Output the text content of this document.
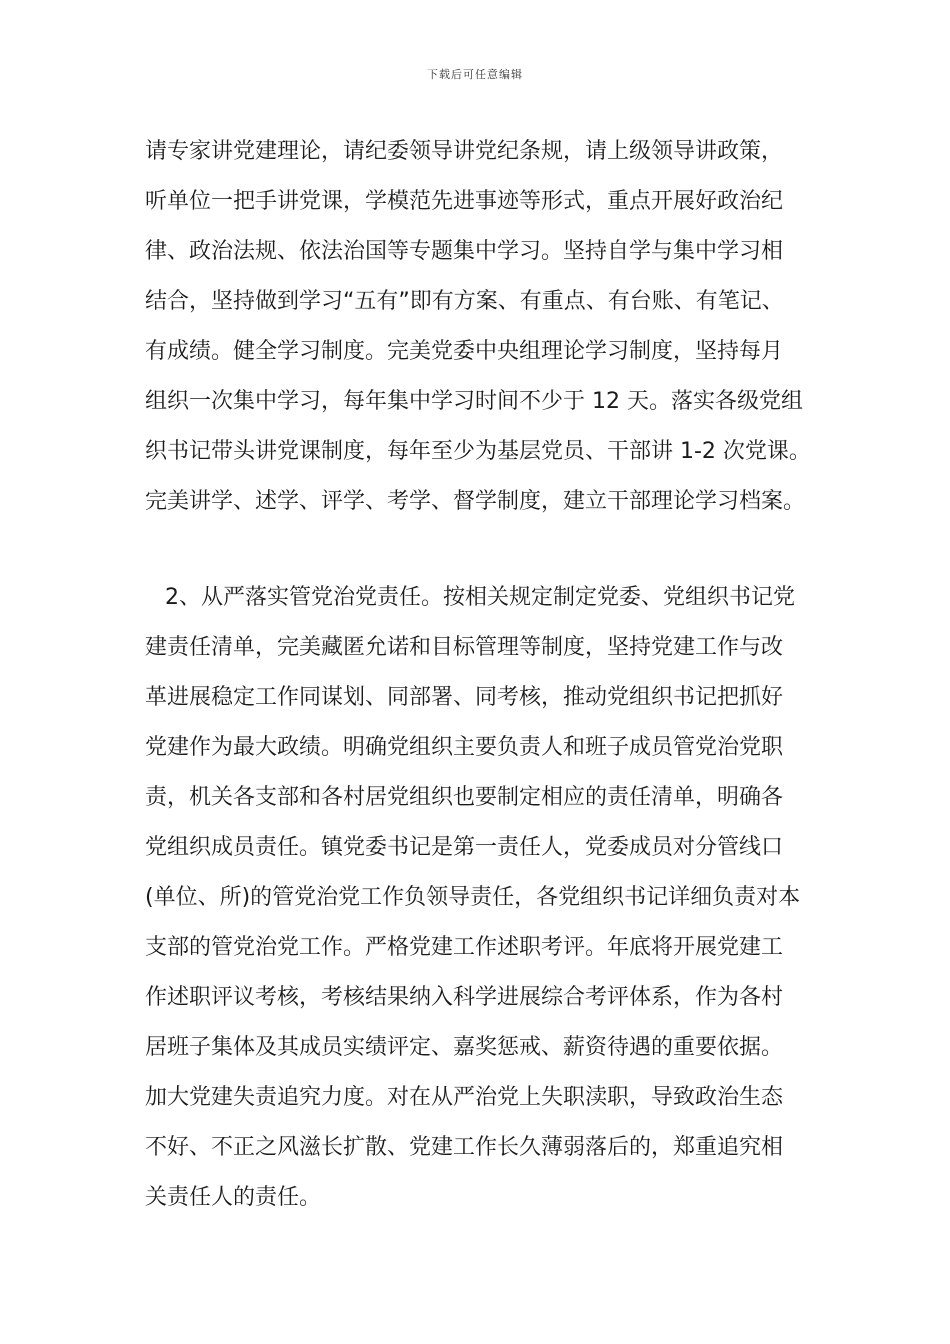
下载后可任意编辑
请专家讲党建理论，请纪委领导讲党纪条规，请上级领导讲政策，
听单位一把手讲党课，学模范先进事迹等形式，重点开展好政治纪
律、政治法规、依法治国等专题集中学习。坚持自学与集中学习相
结合，坚持做到学习“五有”即有方案、有重点、有台账、有笔记、
有成绩。健全学习制度。完美党委中央组理论学习制度，坚持每月
组织一次集中学习，每年集中学习时间不少于 12 天。落实各级党组
织书记带头讲党课制度，每年至少为基层党员、干部讲 1-2 次党课。
完美讲学、述学、评学、考学、督学制度，建立干部理论学习档案。
2、从严落实管党治党责任。按相关规定制定党委、党组织书记党
建责任清单，完美藏匿允诺和目标管理等制度，坚持党建工作与改
革进展稳定工作同谋划、同部署、同考核，推动党组织书记把抓好
党建作为最大政绩。明确党组织主要负责人和班子成员管党治党职
责，机关各支部和各村居党组织也要制定相应的责任清单，明确各
党组织成员责任。镇党委书记是第一责任人，党委成员对分管线口
(单位、所)的管党治党工作负领导责任，各党组织书记详细负责对本
支部的管党治党工作。严格党建工作述职考评。年底将开展党建工
作述职评议考核，考核结果纳入科学进展综合考评体系，作为各村
居班子集体及其成员实绩评定、嘉奖惩戒、薪资待遇的重要依据。
加大党建失责追究力度。对在从严治党上失职渎职，导致政治生态
不好、不正之风滋长扩散、党建工作长久薄弱落后的，郑重追究相
关责任人的责任。
